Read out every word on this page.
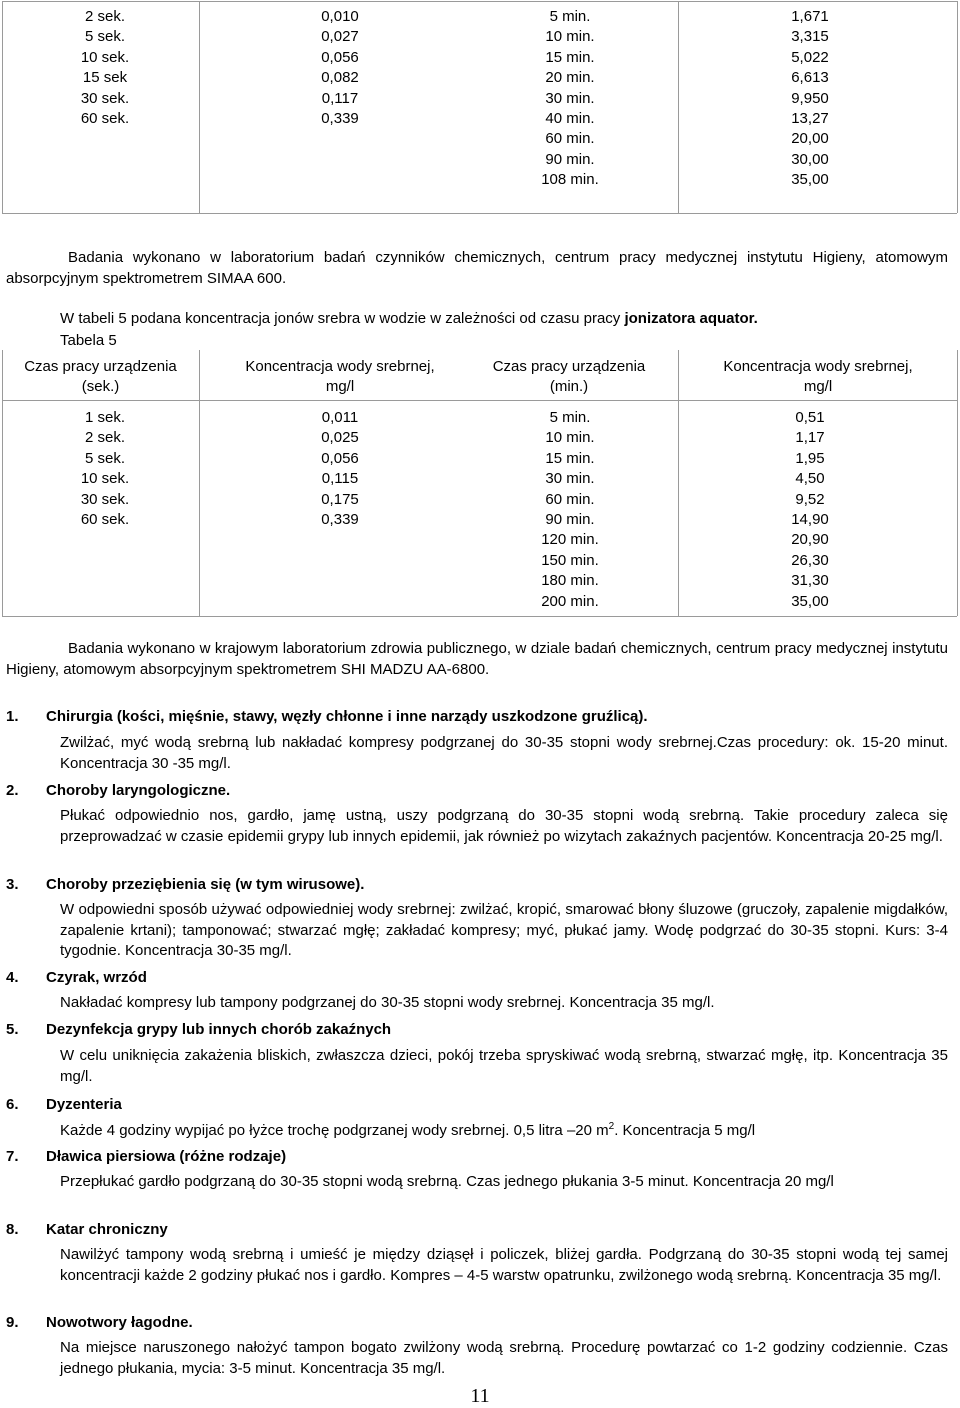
2 sek.
5 sek.
10 sek.
15 sek
30 sek.
60 sek.
0,010
0,027
0,056
0,082
0,117
0,339
5 min.
10 min.
15 min.
20 min.
30 min.
40 min.
60 min.
90 min.
108 min.
1,671
3,315
5,022
6,613
9,950
13,27
20,00
30,00
35,00
Badania wykonano w laboratorium badań czynników chemicznych, centrum pracy medycznej instytutu Higieny, atomowym absorpcyjnym spektrometrem SIMAA 600.
W tabeli 5 podana koncentracja jonów srebra w wodzie w zależności od czasu pracy jonizatora aquator.
Tabela 5
Czas pracy urządzenia
(sek.)
Koncentracja wody srebrnej,
mg/l
Czas pracy urządzenia
(min.)
Koncentracja wody srebrnej,
mg/l
1 sek.
2 sek.
5 sek.
10 sek.
30 sek.
60 sek.
0,011
0,025
0,056
0,115
0,175
0,339
5 min.
10 min.
15 min.
30 min.
60 min.
90 min.
120 min.
150 min.
180 min.
200 min.
0,51
1,17
1,95
4,50
9,52
14,90
20,90
26,30
31,30
35,00
Badania wykonano w krajowym laboratorium zdrowia publicznego, w dziale badań chemicznych, centrum pracy medycznej instytutu Higieny, atomowym absorpcyjnym spektrometrem SHI MADZU AA-6800.
1. Chirurgia (kości, mięśnie, stawy, węzły chłonne i inne narządy uszkodzone gruźlicą).
Zwilżać, myć wodą srebrną lub nakładać kompresy podgrzanej do 30-35 stopni wody srebrnej.Czas procedury: ok. 15-20 minut. Koncentracja 30 -35 mg/l.
2. Choroby laryngologiczne.
Płukać odpowiednio nos, gardło, jamę ustną, uszy podgrzaną do 30-35 stopni wodą srebrną. Takie procedury zaleca się przeprowadzać w czasie epidemii grypy lub innych epidemii, jak również po wizytach zakaźnych pacjentów. Koncentracja 20-25 mg/l.
3. Choroby przeziębienia się (w tym wirusowe).
W odpowiedni sposób używać odpowiedniej wody srebrnej: zwilżać, kropić, smarować błony śluzowe (gruczoły, zapalenie migdałków, zapalenie krtani); tamponować; stwarzać mgłę; zakładać kompresy; myć, płukać jamy. Wodę podgrzać do 30-35 stopni. Kurs: 3-4 tygodnie. Koncentracja 30-35 mg/l.
4. Czyrak, wrzód
Nakładać kompresy lub tampony podgrzanej do 30-35 stopni wody srebrnej. Koncentracja 35 mg/l.
5. Dezynfekcja grypy lub innych chorób zakaźnych
W celu uniknięcia zakażenia bliskich, zwłaszcza dzieci, pokój trzeba spryskiwać wodą srebrną, stwarzać mgłę, itp. Koncentracja 35 mg/l.
6. Dyzenteria
Każde 4 godziny wypijać po łyżce trochę podgrzanej wody srebrnej. 0,5 litra –20 $m^2$. Koncentracja 5 mg/l
7. Dławica piersiowa (różne rodzaje)
Przepłukać gardło podgrzaną do 30-35 stopni wodą srebrną. Czas jednego płukania 3-5 minut. Koncentracja 20 mg/l
8. Katar chroniczny
Nawilżyć tampony wodą srebrną i umieść je między dziąsęł i policzek, bliżej gardła. Podgrzaną do 30-35 stopni wodą tej samej koncentracji każde 2 godziny płukać nos i gardło. Kompres – 4-5 warstw opatrunku, zwilżonego wodą srebrną. Koncentracja 35 mg/l.
9. Nowotwory łagodne.
Na miejsce naruszonego nałożyć tampon bogato zwilżony wodą srebrną. Procedurę powtarzać co 1-2 godziny codziennie. Czas jednego płukania, mycia: 3-5 minut. Koncentracja 35 mg/l.
11
